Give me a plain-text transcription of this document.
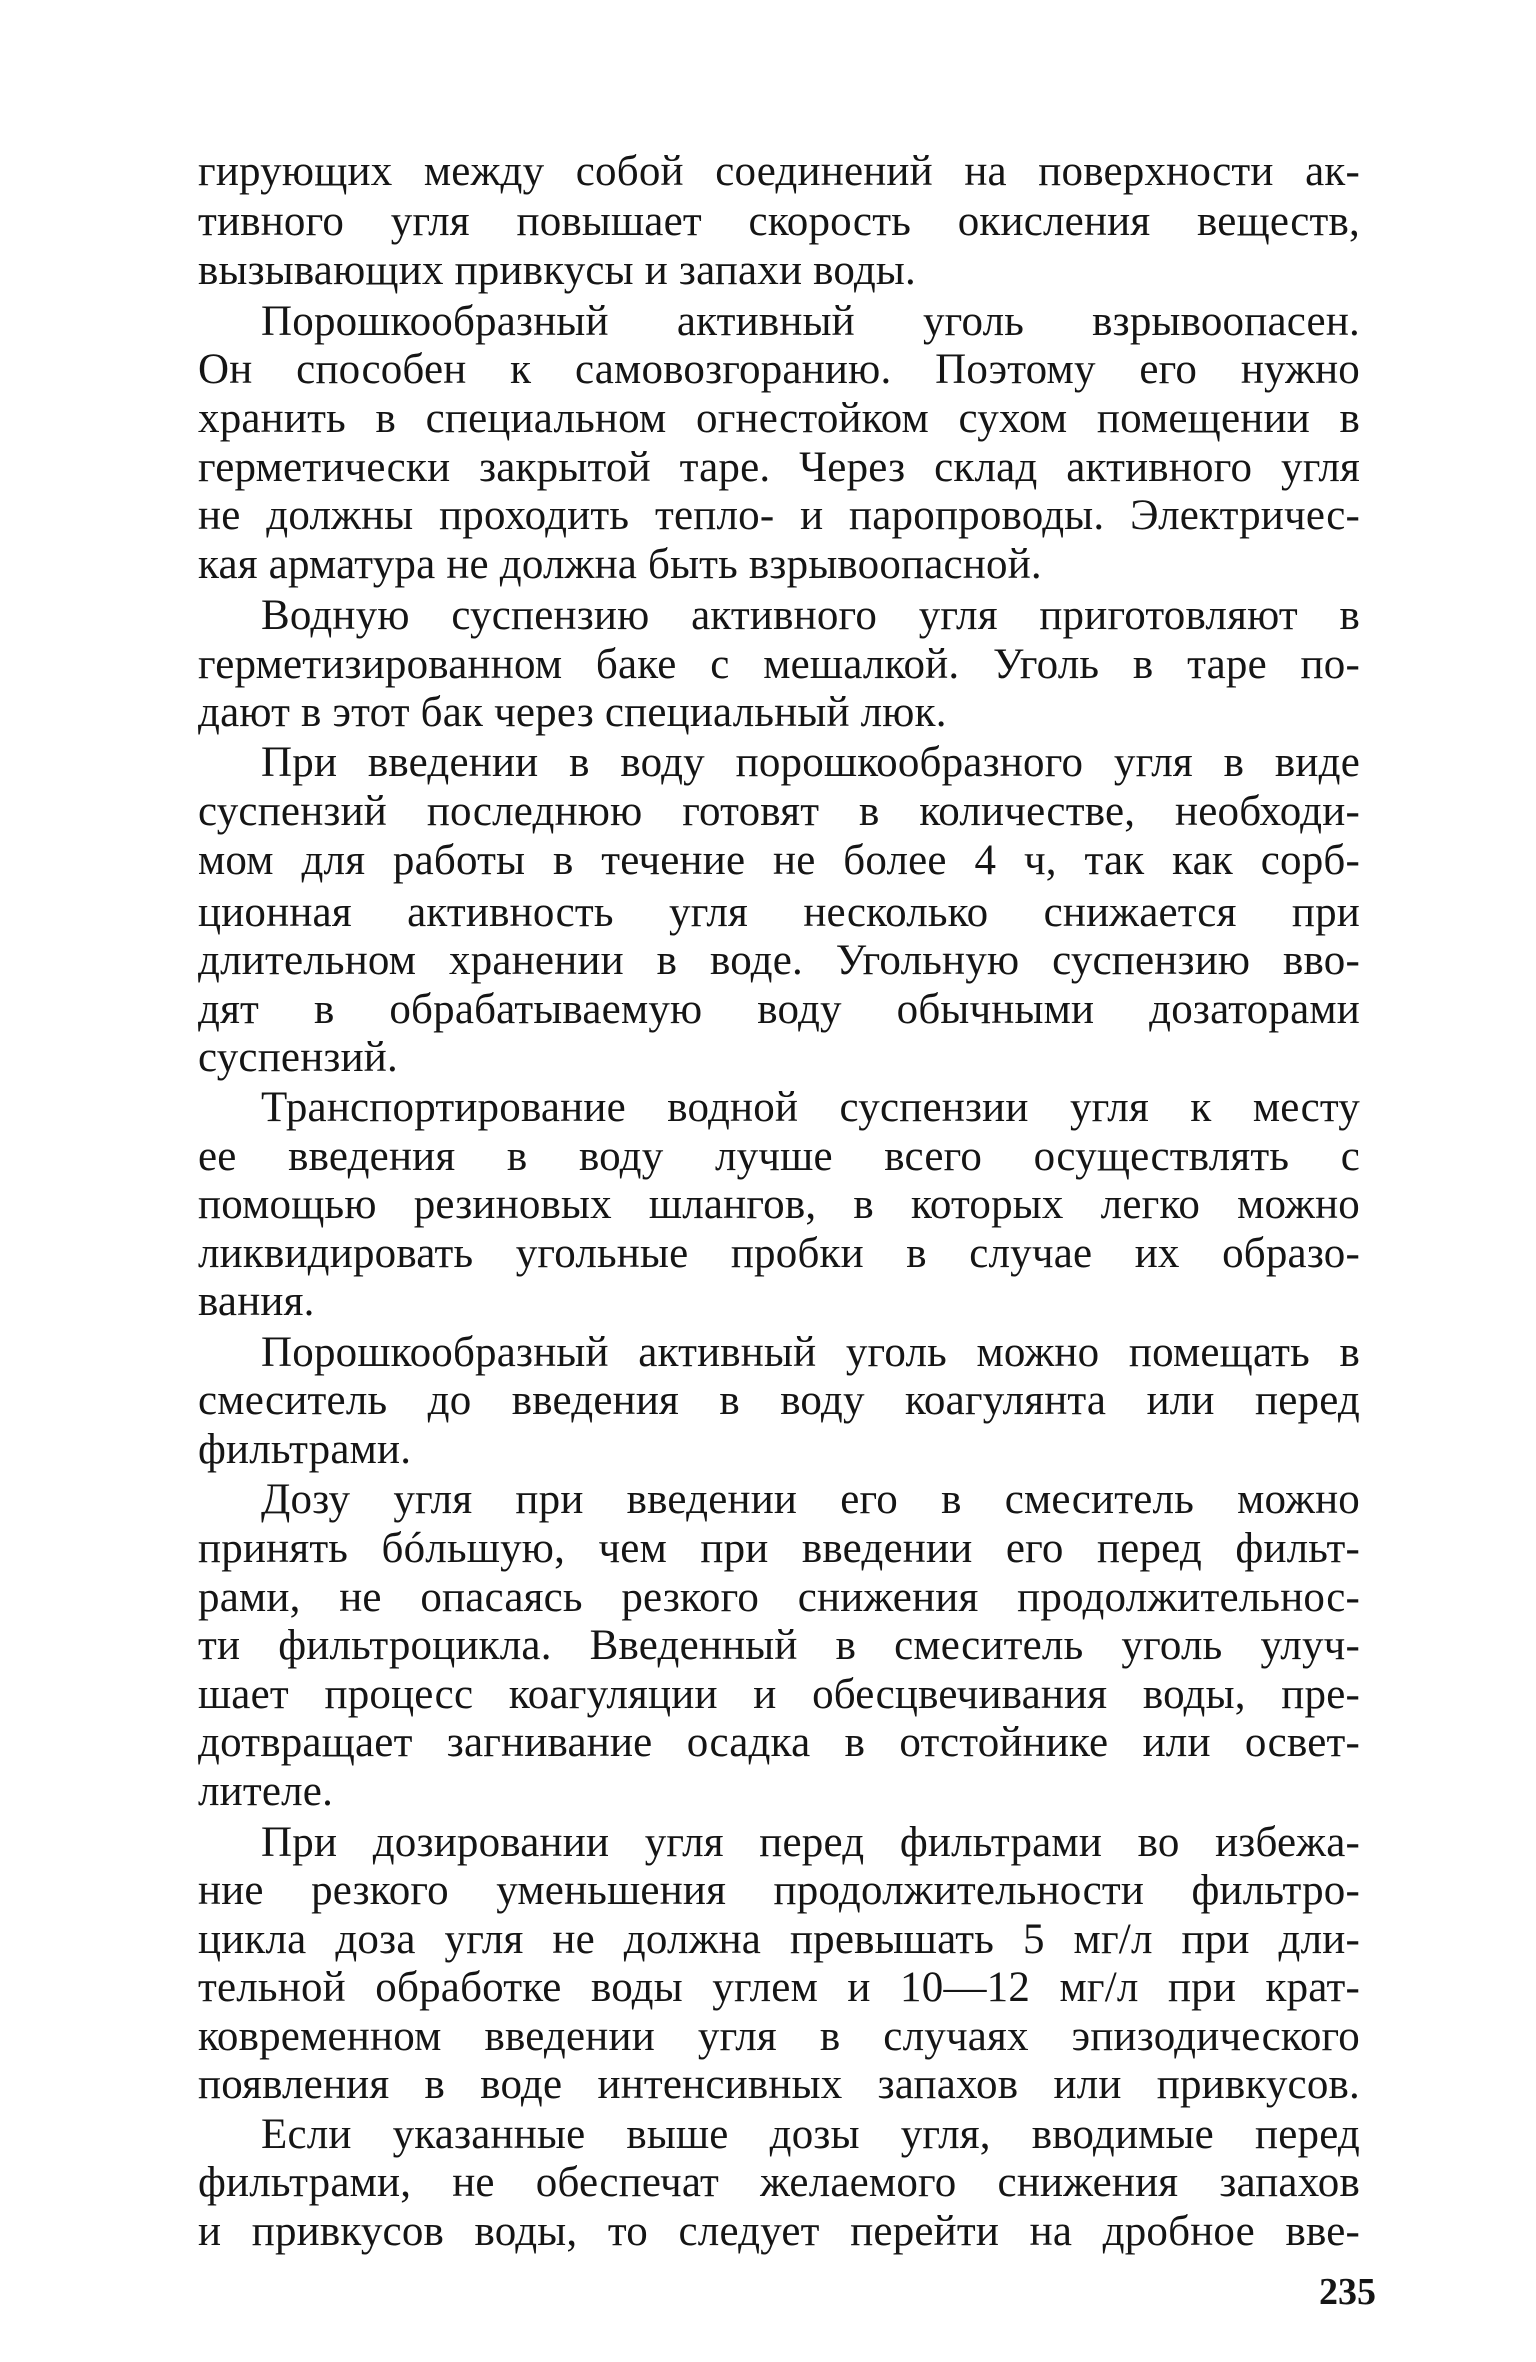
гирующих между собой соединений на поверхности ак-
тивного угля повышает скорость окисления веществ,
вызывающих привкусы и запахи воды.
Порошкообразный активный уголь взрывоопасен.
Он способен к самовозгоранию. Поэтому его нужно
хранить в специальном огнестойком сухом помещении в
герметически закрытой таре. Через склад активного угля
не должны проходить тепло- и паропроводы. Электричес-
кая арматура не должна быть взрывоопасной.
Водную суспензию активного угля приготовляют в
герметизированном баке с мешалкой. Уголь в таре по-
дают в этот бак через специальный люк.
При введении в воду порошкообразного угля в виде
суспензий последнюю готовят в количестве, необходи-
мом для работы в течение не более 4 ч, так как сорб-
ционная активность угля несколько снижается при
длительном хранении в воде. Угольную суспензию вво-
дят в обрабатываемую воду обычными дозаторами
суспензий.
Транспортирование водной суспензии угля к месту
ее введения в воду лучше всего осуществлять с
помощью резиновых шлангов, в которых легко можно
ликвидировать угольные пробки в случае их образо-
вания.
Порошкообразный активный уголь можно помещать в
смеситель до введения в воду коагулянта или перед
фильтрами.
Дозу угля при введении его в смеситель можно
принять бóльшую, чем при введении его перед фильт-
рами, не опасаясь резкого снижения продолжительнос-
ти фильтроцикла. Введенный в смеситель уголь улуч-
шает процесс коагуляции и обесцвечивания воды, пре-
дотвращает загнивание осадка в отстойнике или освет-
лителе.
При дозировании угля перед фильтрами во избежа-
ние резкого уменьшения продолжительности фильтро-
цикла доза угля не должна превышать 5 мг/л при дли-
тельной обработке воды углем и 10—12 мг/л при крат-
ковременном введении угля в случаях эпизодического
появления в воде интенсивных запахов или привкусов.
Если указанные выше дозы угля, вводимые перед
фильтрами, не обеспечат желаемого снижения запахов
и привкусов воды, то следует перейти на дробное вве-
235
